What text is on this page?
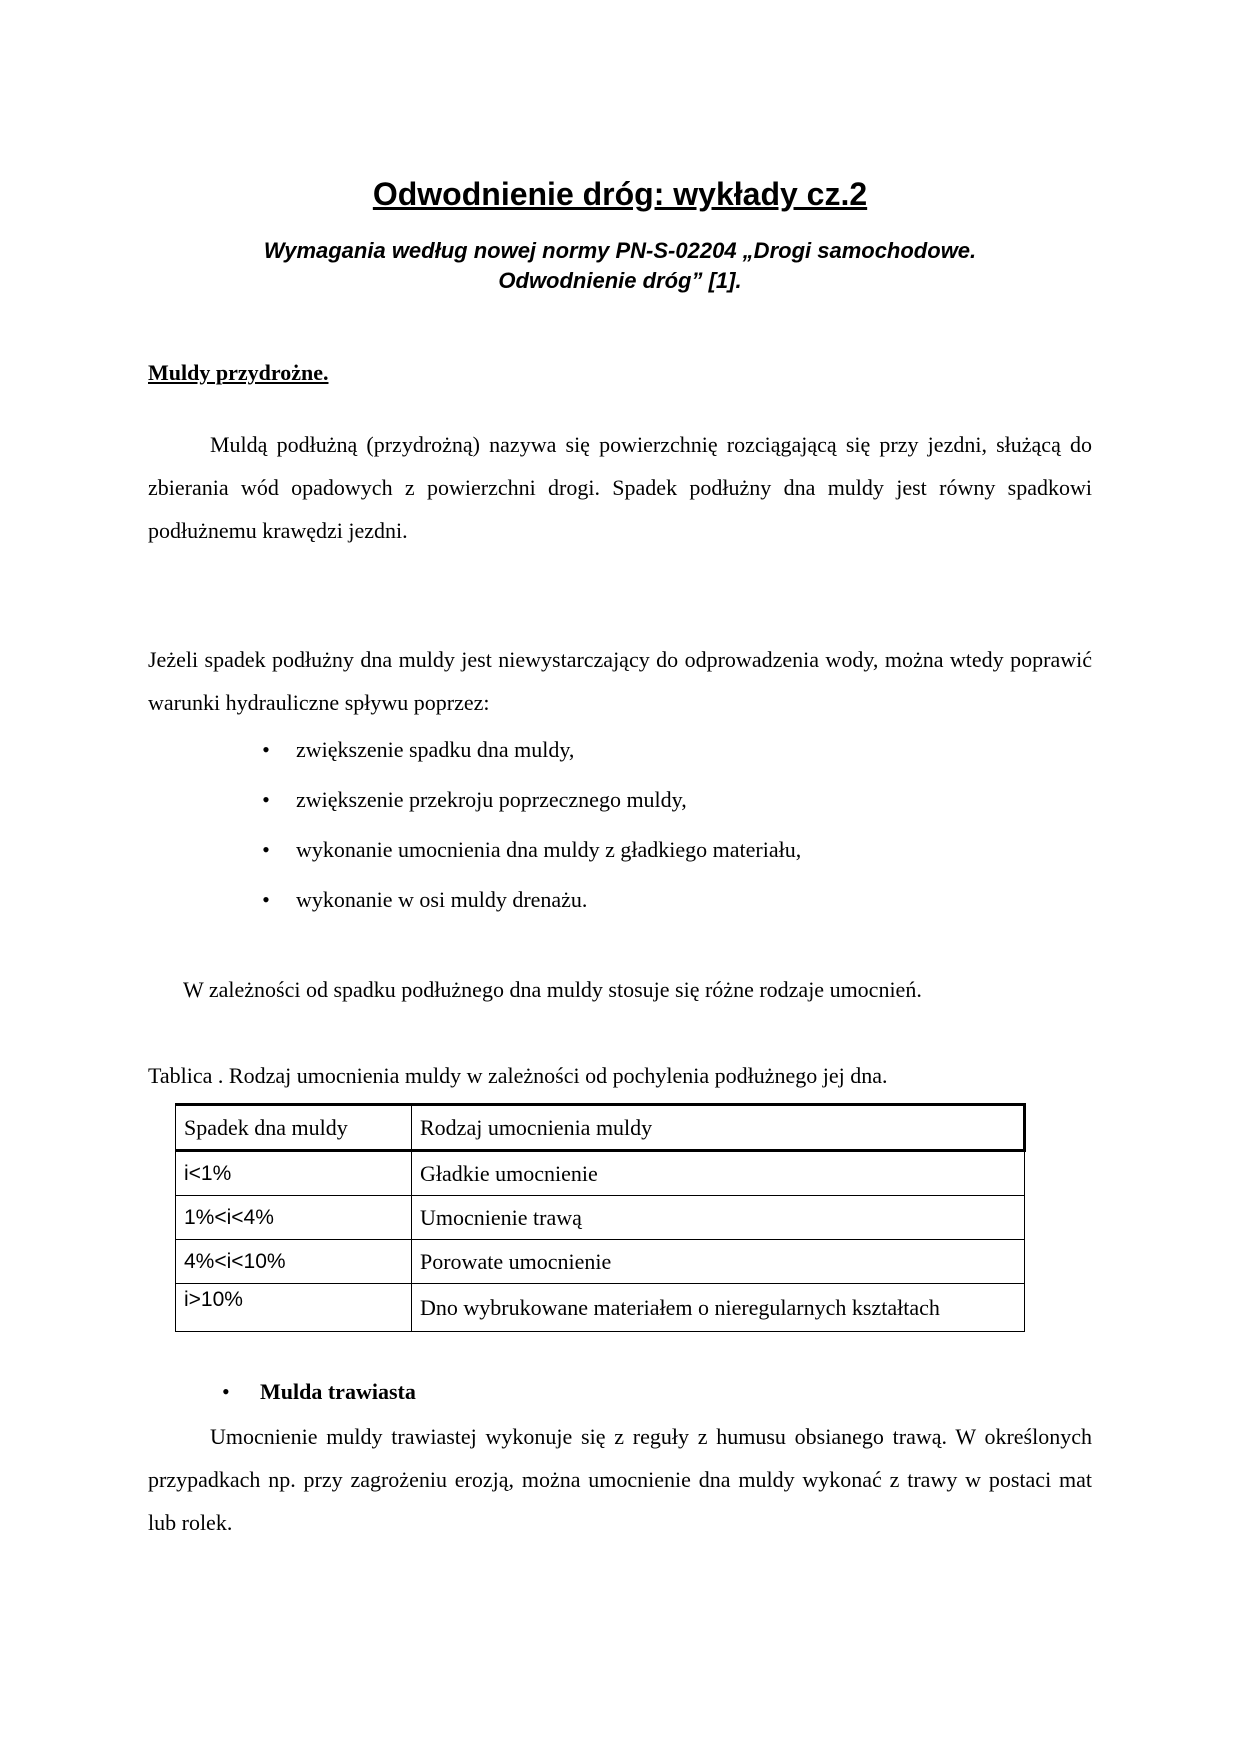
Odwodnienie dróg: wykłady cz.2
Wymagania według nowej normy PN-S-02204 „Drogi samochodowe.
Odwodnienie dróg” [1].
Muldy przydrożne.

Muldą podłużną (przydrożną) nazywa się powierzchnię rozciągającą się przy jezdni, służącą do zbierania wód opadowych z powierzchni drogi. Spadek podłużny dna muldy jest równy spadkowi podłużnemu krawędzi jezdni.

Jeżeli spadek podłużny dna muldy jest niewystarczający do odprowadzenia wody, można wtedy poprawić warunki hydrauliczne spływu poprzez:

• zwiększenie spadku dna muldy,
• zwiększenie przekroju poprzecznego muldy,
• wykonanie umocnienia dna muldy z gładkiego materiału,
• wykonanie w osi muldy drenażu.

W zależności od spadku podłużnego dna muldy stosuje się różne rodzaje umocnień.

Tablica . Rodzaj umocnienia muldy w zależności od pochylenia podłużnego jej dna.

Spadek dna muldy	Rodzaj umocnienia muldy
i<1%	Gładkie umocnienie
1%<i<4%	Umocnienie trawą
4%<i<10%	Porowate umocnienie
i>10%	Dno wybrukowane materiałem o nieregularnych kształtach

• Mulda trawiasta

Umocnienie muldy trawiastej wykonuje się z reguły z humusu obsianego trawą. W określonych przypadkach np. przy zagrożeniu erozją, można umocnienie dna muldy wykonać z trawy w postaci mat lub rolek.
